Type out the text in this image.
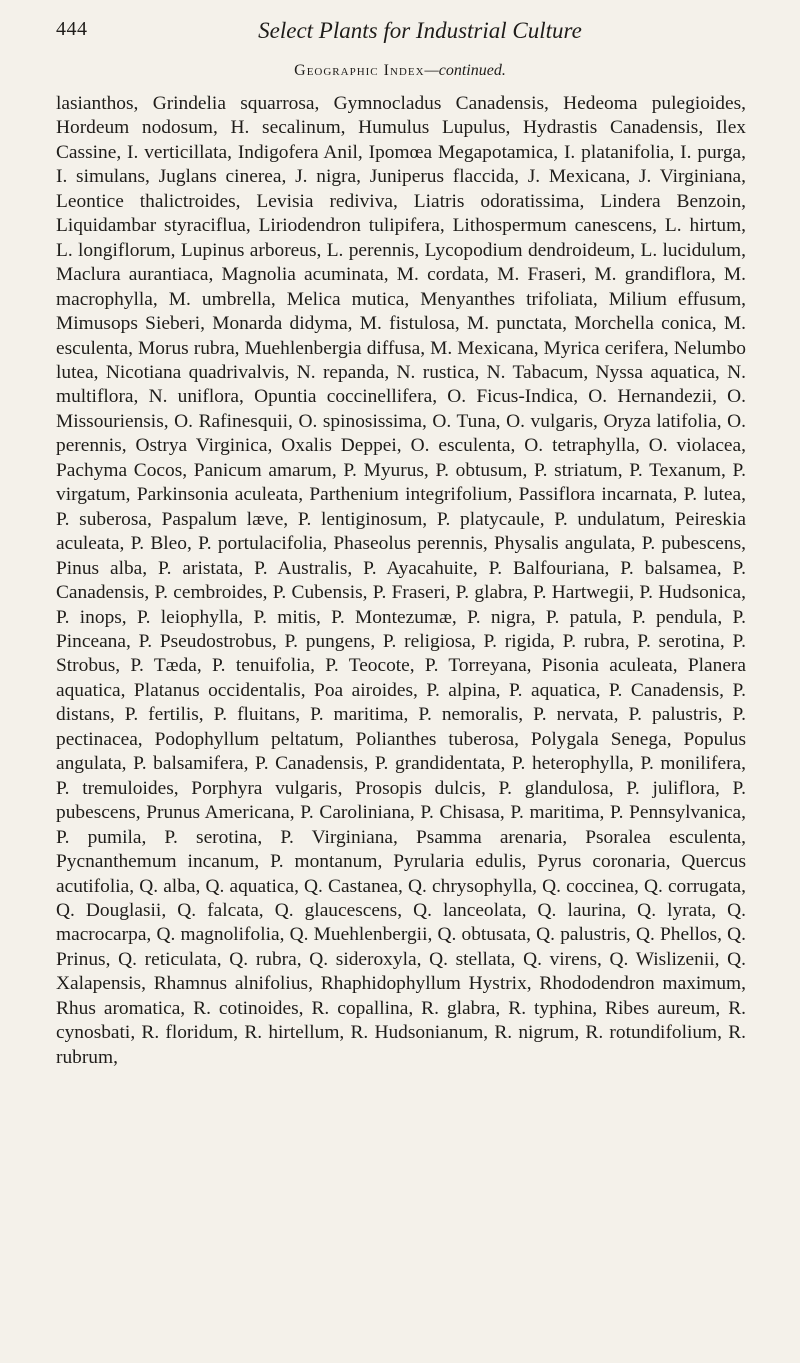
444	Select Plants for Industrial Culture
Geographic Index—continued.

lasianthos, Grindelia squarrosa, Gymnocladus Canadensis, Hedeoma pulegioides, Hordeum nodosum, H. secalinum, Humulus Lupulus, Hydrastis Canadensis, Ilex Cassine, I. verticillata, Indigofera Anil, Ipomœa Megapotamica, I. platanifolia, I. purga, I. simulans, Juglans cinerea, J. nigra, Juniperus flaccida, J. Mexicana, J. Virginiana, Leontice thalictroides, Levisia rediviva, Liatris odoratissima, Lindera Benzoin, Liquidambar styraciflua, Liriodendron tulipifera, Lithospermum canescens, L. hirtum, L. longiflorum, Lupinus arboreus, L. perennis, Lycopodium dendroideum, L. lucidulum, Maclura aurantiaca, Magnolia acuminata, M. cordata, M. Fraseri, M. grandiflora, M. macrophylla, M. umbrella, Melica mutica, Menyanthes trifoliata, Milium effusum, Mimusops Sieberi, Monarda didyma, M. fistulosa, M. punctata, Morchella conica, M. esculenta, Morus rubra, Muehlenbergia diffusa, M. Mexicana, Myrica cerifera, Nelumbo lutea, Nicotiana quadrivalvis, N. repanda, N. rustica, N. Tabacum, Nyssa aquatica, N. multiflora, N. uniflora, Opuntia coccinellifera, O. Ficus-Indica, O. Hernandezii, O. Missouriensis, O. Rafinesquii, O. spinosissima, O. Tuna, O. vulgaris, Oryza latifolia, O. perennis, Ostrya Virginica, Oxalis Deppei, O. esculenta, O. tetraphylla, O. violacea, Pachyma Cocos, Panicum amarum, P. Myurus, P. obtusum, P. striatum, P. Texanum, P. virgatum, Parkinsonia aculeata, Parthenium integrifolium, Passiflora incarnata, P. lutea, P. suberosa, Paspalum læve, P. lentiginosum, P. platycaule, P. undulatum, Peireskia aculeata, P. Bleo, P. portulacifolia, Phaseolus perennis, Physalis angulata, P. pubescens, Pinus alba, P. aristata, P. Australis, P. Ayacahuite, P. Balfouriana, P. balsamea, P. Canadensis, P. cembroides, P. Cubensis, P. Fraseri, P. glabra, P. Hartwegii, P. Hudsonica, P. inops, P. leiophylla, P. mitis, P. Montezumæ, P. nigra, P. patula, P. pendula, P. Pinceana, P. Pseudostrobus, P. pungens, P. religiosa, P. rigida, P. rubra, P. serotina, P. Strobus, P. Tæda, P. tenuifolia, P. Teocote, P. Torreyana, Pisonia aculeata, Planera aquatica, Platanus occidentalis, Poa airoides, P. alpina, P. aquatica, P. Canadensis, P. distans, P. fertilis, P. fluitans, P. maritima, P. nemoralis, P. nervata, P. palustris, P. pectinacea, Podophyllum peltatum, Polianthes tuberosa, Polygala Senega, Populus angulata, P. balsamifera, P. Canadensis, P. grandidentata, P. heterophylla, P. monilifera, P. tremuloides, Porphyra vulgaris, Prosopis dulcis, P. glandulosa, P. juliflora, P. pubescens, Prunus Americana, P. Caroliniana, P. Chisasa, P. maritima, P. Pennsylvanica, P. pumila, P. serotina, P. Virginiana, Psamma arenaria, Psoralea esculenta, Pycnanthemum incanum, P. montanum, Pyrularia edulis, Pyrus coronaria, Quercus acutifolia, Q. alba, Q. aquatica, Q. Castanea, Q. chrysophylla, Q. coccinea, Q. corrugata, Q. Douglasii, Q. falcata, Q. glaucescens, Q. lanceolata, Q. laurina, Q. lyrata, Q. macrocarpa, Q. magnolifolia, Q. Muehlenbergii, Q. obtusata, Q. palustris, Q. Phellos, Q. Prinus, Q. reticulata, Q. rubra, Q. sideroxyla, Q. stellata, Q. virens, Q. Wislizenii, Q. Xalapensis, Rhamnus alnifolius, Rhaphidophyllum Hystrix, Rhododendron maximum, Rhus aromatica, R. cotinoides, R. copallina, R. glabra, R. typhina, Ribes aureum, R. cynosbati, R. floridum, R. hirtellum, R. Hudsonianum, R. nigrum, R. rotundifolium, R. rubrum,
